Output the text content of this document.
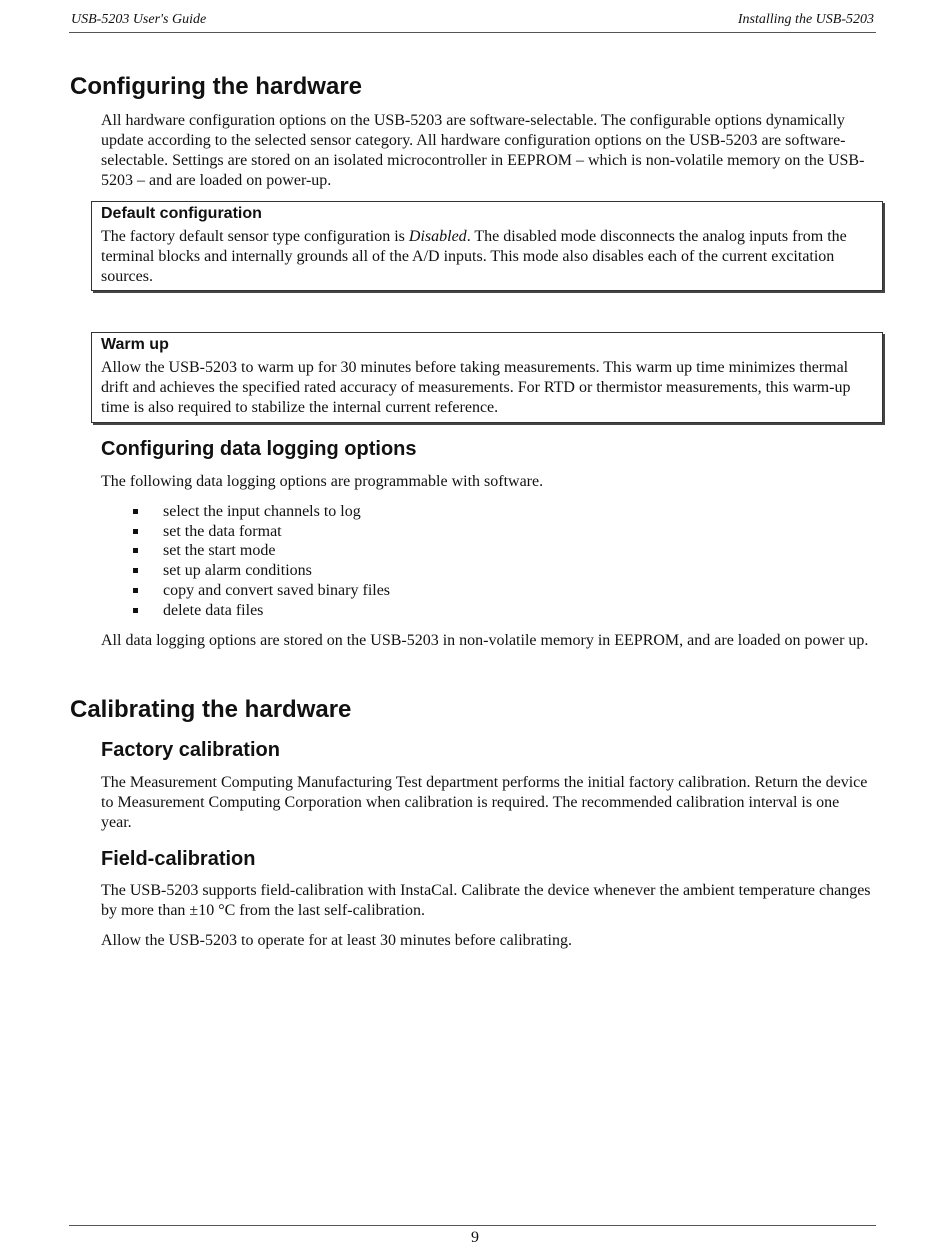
USB-5203 User's Guide	Installing the USB-5203
Configuring the hardware

All hardware configuration options on the USB-5203 are software-selectable. The configurable options dynamically update according to the selected sensor category. All hardware configuration options on the USB-5203 are software-selectable. Settings are stored on an isolated microcontroller in EEPROM – which is non-volatile memory on the USB-5203 – and are loaded on power-up.

Default configuration

The factory default sensor type configuration is Disabled. The disabled mode disconnects the analog inputs from the terminal blocks and internally grounds all of the A/D inputs. This mode also disables each of the current excitation sources.

Warm up

Allow the USB-5203 to warm up for 30 minutes before taking measurements. This warm up time minimizes thermal drift and achieves the specified rated accuracy of measurements. For RTD or thermistor measurements, this warm-up time is also required to stabilize the internal current reference.

Configuring data logging options

The following data logging options are programmable with software.

select the input channels to log
set the data format
set the start mode
set up alarm conditions
copy and convert saved binary files
delete data files

All data logging options are stored on the USB-5203 in non-volatile memory in EEPROM, and are loaded on power up.

Calibrating the hardware
Factory calibration

The Measurement Computing Manufacturing Test department performs the initial factory calibration. Return the device to Measurement Computing Corporation when calibration is required. The recommended calibration interval is one year.

Field-calibration

The USB-5203 supports field-calibration with InstaCal. Calibrate the device whenever the ambient temperature changes by more than ±10 °C from the last self-calibration.

Allow the USB-5203 to operate for at least 30 minutes before calibrating.

9
